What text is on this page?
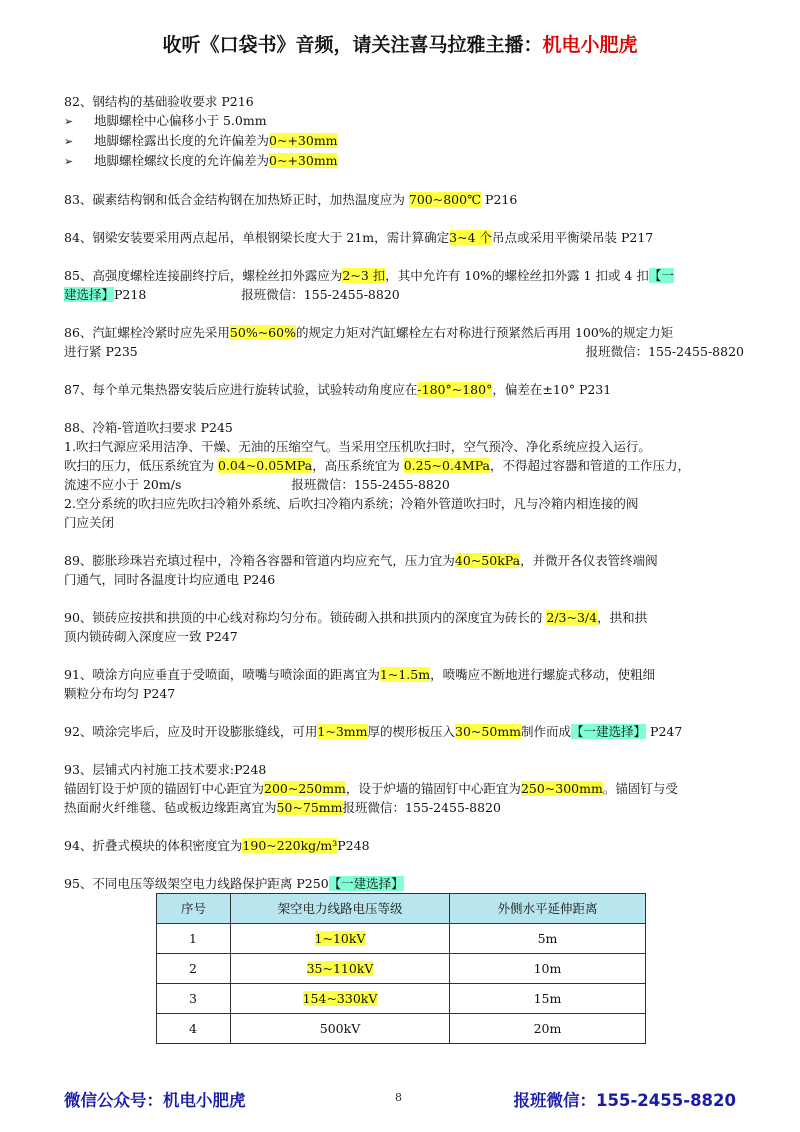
收听《口袋书》音频，请关注喜马拉雅主播：机电小肥虎

82、钢结构的基础验收要求 P216

➢ 地脚螺栓中心偏移小于 5.0mm

➢ 地脚螺栓露出长度的允许偏差为0~+30mm

➢ 地脚螺栓螺纹长度的允许偏差为0~+30mm

83、碳素结构钢和低合金结构钢在加热矫正时，加热温度应为 700~800℃ P216

84、钢梁安装要采用两点起吊，单根钢梁长度大于 21m，需计算确定3~4 个吊点或采用平衡梁吊装 P217

85、高强度螺栓连接副终拧后，螺栓丝扣外露应为2~3 扣，其中允许有 10%的螺栓丝扣外露 1 扣或 4 扣【一

建选择】P218	报班微信：155-2455-8820

86、汽缸螺栓冷紧时应先采用50%~60%的规定力矩对汽缸螺栓左右对称进行预紧然后再用 100%的规定力矩

进行紧 P235	报班微信：155-2455-8820

87、每个单元集热器安装后应进行旋转试验，试验转动角度应在-180°~180°，偏差在±10° P231

88、冷箱-管道吹扫要求 P245

1.吹扫气源应采用洁净、干燥、无油的压缩空气。当采用空压机吹扫时，空气预冷、净化系统应投入运行。

吹扫的压力，低压系统宜为 0.04~0.05MPa，高压系统宜为 0.25~0.4MPa，不得超过容器和管道的工作压力，

流速不应小于 20m/s	报班微信：155-2455-8820

2.空分系统的吹扫应先吹扫冷箱外系统、后吹扫冷箱内系统；冷箱外管道吹扫时，凡与冷箱内相连接的阀

门应关闭

89、膨胀珍珠岩充填过程中，冷箱各容器和管道内均应充气，压力宜为40~50kPa，并微开各仪表管终端阀

门通气，同时各温度计均应通电 P246

90、锁砖应按拱和拱顶的中心线对称均匀分布。锁砖砌入拱和拱顶内的深度宜为砖长的 2/3~3/4，拱和拱

顶内锁砖砌入深度应一致 P247

91、喷涂方向应垂直于受喷面，喷嘴与喷涂面的距离宜为1~1.5m，喷嘴应不断地进行螺旋式移动，使粗细

颗粒分布均匀 P247

92、喷涂完毕后，应及时开设膨胀缝线，可用1~3mm厚的楔形板压入30~50mm制作而成【一建选择】 P247

93、层铺式内衬施工技术要求:P248

锚固钉设于炉顶的锚固钉中心距宜为200~250mm，设于炉墙的锚固钉中心距宜为250~300mm。锚固钉与受

热面耐火纤维毯、毡或板边缘距离宜为50~75mm报班微信：155-2455-8820

94、折叠式模块的体积密度宜为190~220kg/m³P248

95、不同电压等级架空电力线路保护距离 P250【一建选择】

序号	架空电力线路电压等级	外侧水平延伸距离
1	1~10kV	5m
2	35~110kV	10m
3	154~330kV	15m
4	500kV	20m
微信公众号：机电小肥虎	8	报班微信：155-2455-8820
